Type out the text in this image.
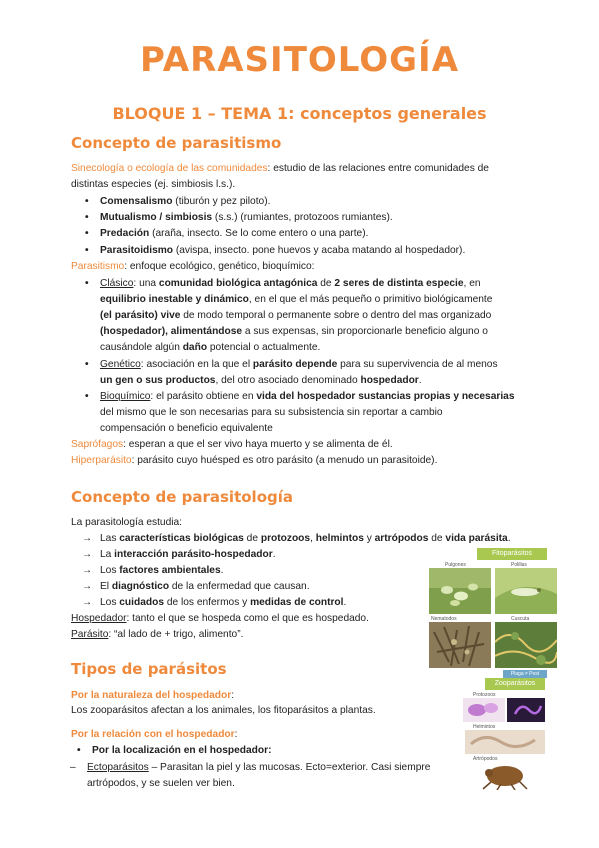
PARASITOLOGÍA
BLOQUE 1 – TEMA 1: conceptos generales
Concepto de parasitismo
Sinecología o ecología de las comunidades: estudio de las relaciones entre comunidades de
distintas especies (ej. simbiosis l.s.).
• Comensalismo (tiburón y pez piloto).
• Mutualismo / simbiosis (s.s.) (rumiantes, protozoos rumiantes).
• Predación (araña, insecto. Se lo come entero o una parte).
• Parasitoidismo (avispa, insecto. pone huevos y acaba matando al hospedador).
Parasitismo: enfoque ecológico, genético, bioquímico:
• Clásico: una comunidad biológica antagónica de 2 seres de distinta especie, en
equilibrio inestable y dinámico, en el que el más pequeño o primitivo biológicamente
(el parásito) vive de modo temporal o permanente sobre o dentro del mas organizado
(hospedador), alimentándose a sus expensas, sin proporcionarle beneficio alguno o
causándole algún daño potencial o actualmente.
• Genético: asociación en la que el parásito depende para su supervivencia de al menos
un gen o sus productos, del otro asociado denominado hospedador.
• Bioquímico: el parásito obtiene en vida del hospedador sustancias propias y necesarias
del mismo que le son necesarias para su subsistencia sin reportar a cambio
compensación o beneficio equivalente
Saprófagos: esperan a que el ser vivo haya muerto y se alimenta de él.
Hiperparásito: parásito cuyo huésped es otro parásito (a menudo un parasitoide).
Concepto de parasitología
La parasitología estudia:
→ Las características biológicas de protozoos, helmintos y artrópodos de vida parásita.
→ La interacción parásito-hospedador.
→ Los factores ambientales.
→ El diagnóstico de la enfermedad que causan.
→ Los cuidados de los enfermos y medidas de control.
Hospedador: tanto el que se hospeda como el que es hospedado.
Parásito: “al lado de + trigo, alimento”.
Fitoparásitos
Pulgones	Polillas
Nematodos	Cuscuta
Plaga ≠ Pest
Tipos de parásitos
Por la naturaleza del hospedador:
Los zooparásitos afectan a los animales, los fitoparásitos a plantas.
Por la relación con el hospedador:
• Por la localización en el hospedador:
– Ectoparásitos – Parasitan la piel y las mucosas. Ecto=exterior. Casi siempre
artrópodos, y se suelen ver bien.
Zooparásitos
Protozoos
Helmintos
Artrópodos
